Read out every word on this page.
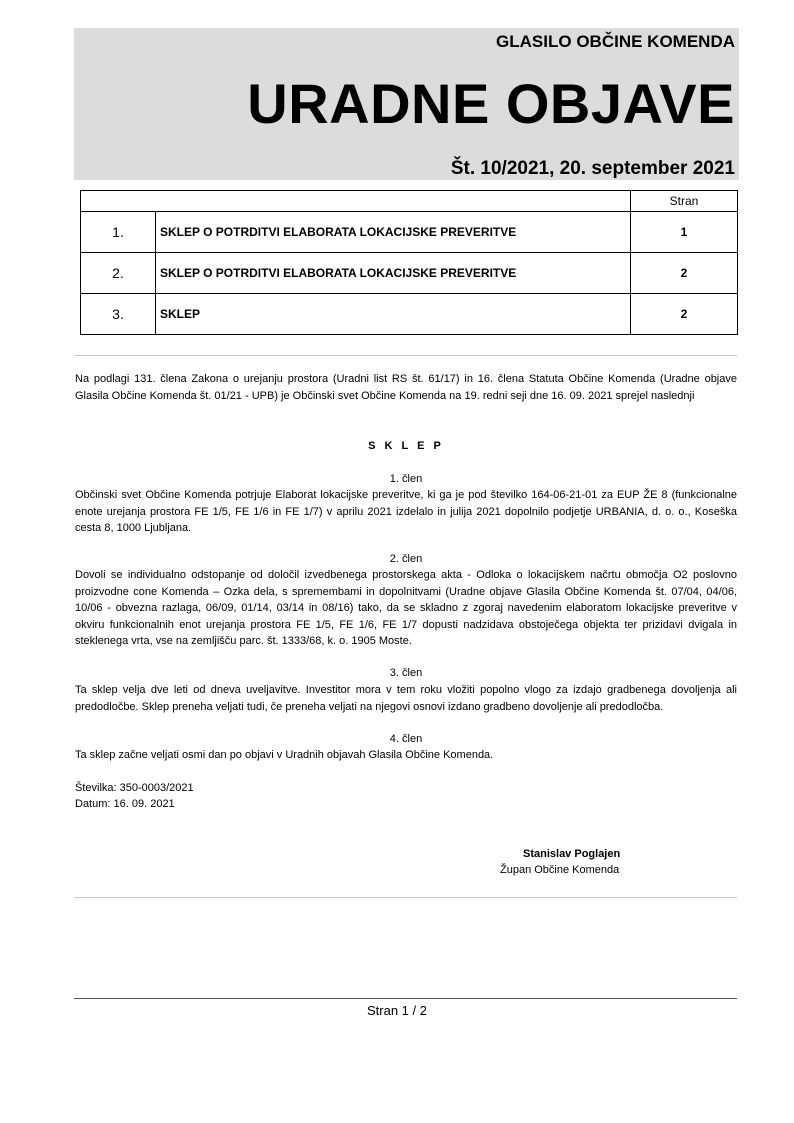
GLASILO OBČINE KOMENDA
URADNE OBJAVE
Št. 10/2021, 20. september 2021
		Stran
1.	SKLEP O POTRDITVI ELABORATA LOKACIJSKE PREVERITVE	1
2.	SKLEP O POTRDITVI ELABORATA LOKACIJSKE PREVERITVE	2
3.	SKLEP	2
Na podlagi 131. člena Zakona o urejanju prostora (Uradni list RS št. 61/17) in 16. člena Statuta Občine Komenda (Uradne objave Glasila Občine Komenda št. 01/21 - UPB) je Občinski svet Občine Komenda na 19. redni seji dne 16. 09. 2021 sprejel naslednji
S K L E P
1. člen
Občinski svet Občine Komenda potrjuje Elaborat lokacijske preveritve, ki ga je pod številko 164-06-21-01 za EUP ŽE 8 (funkcionalne enote urejanja prostora FE 1/5, FE 1/6 in FE 1/7) v aprilu 2021 izdelalo in julija 2021 dopolnilo podjetje URBANIA, d. o. o., Koseška cesta 8, 1000 Ljubljana.
2. člen
Dovoli se individualno odstopanje od določil izvedbenega prostorskega akta - Odloka o lokacijskem načrtu območja O2 poslovno proizvodne cone Komenda – Ozka dela, s spremembami in dopolnitvami (Uradne objave Glasila Občine Komenda št. 07/04, 04/06, 10/06 - obvezna razlaga, 06/09, 01/14, 03/14 in 08/16) tako, da se skladno z zgoraj navedenim elaboratom lokacijske preveritve v okviru funkcionalnih enot urejanja prostora FE 1/5, FE 1/6, FE 1/7 dopusti nadzidava obstoječega objekta ter prizidavi dvigala in steklenega vrta, vse na zemljišču parc. št. 1333/68, k. o. 1905 Moste.
3. člen
Ta sklep velja dve leti od dneva uveljavitve. Investitor mora v tem roku vložiti popolno vlogo za izdajo gradbenega dovoljenja ali predodločbe. Sklep preneha veljati tudi, če preneha veljati na njegovi osnovi izdano gradbeno dovoljenje ali predodločba.
4. člen
Ta sklep začne veljati osmi dan po objavi v Uradnih objavah Glasila Občine Komenda.
Številka: 350-0003/2021
Datum: 16. 09. 2021
Stanislav Poglajen
Župan Občine Komenda
Stran 1 / 2
